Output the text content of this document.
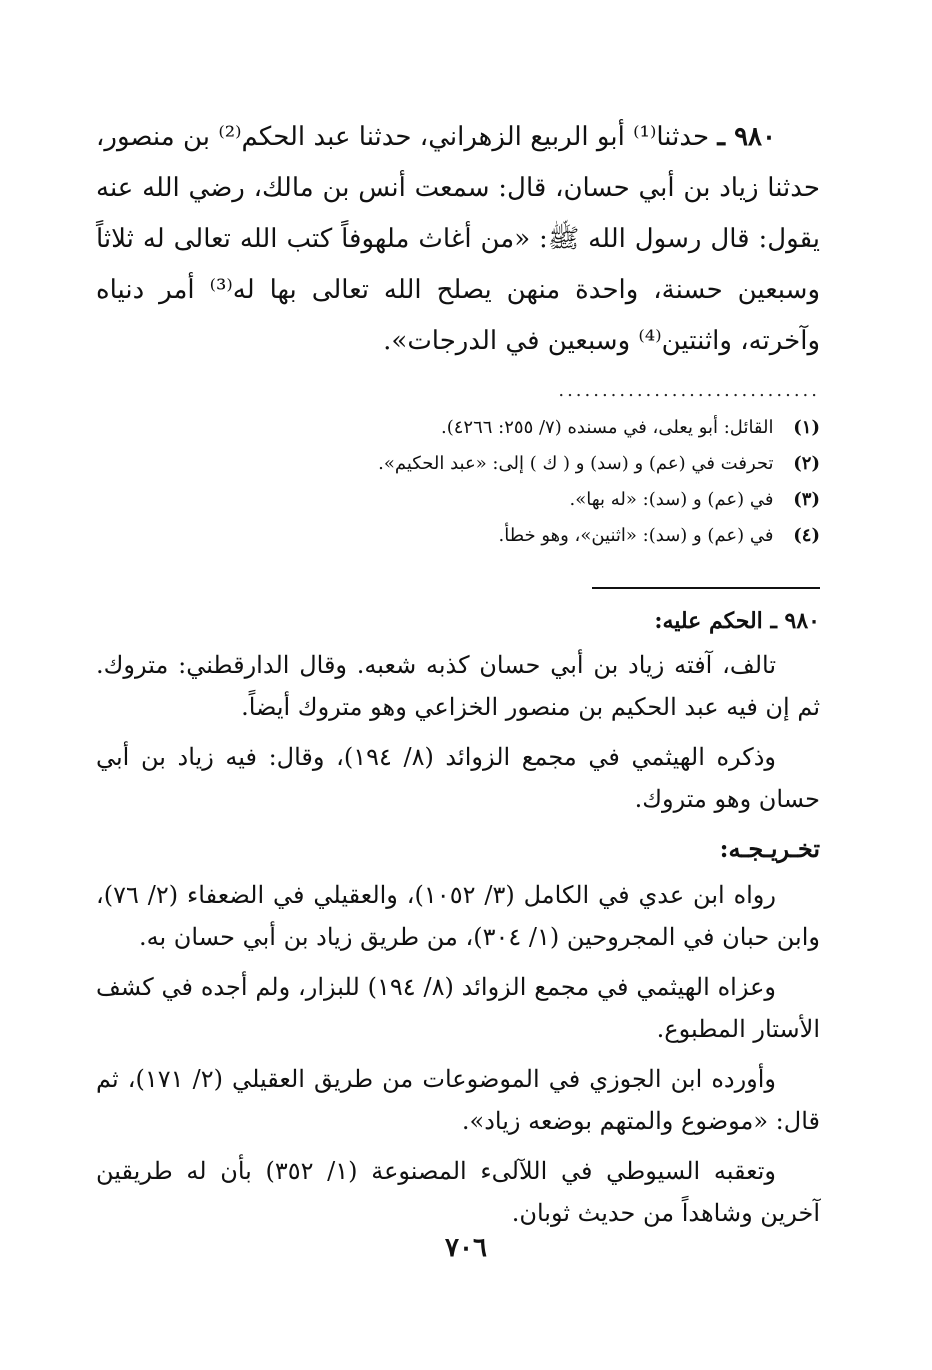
٩٨٠ ـ حدثنا⁽¹⁾ أبو الربيع الزهراني، حدثنا عبد الحكم⁽²⁾ بن منصور، حدثنا زياد بن أبي حسان، قال: سمعت أنس بن مالك، رضي الله عنه يقول: قال رسول الله ﷺ: «من أغاث ملهوفاً كتب الله تعالى له ثلاثاً وسبعين حسنة، واحدة منهن يصلح الله تعالى بها له⁽³⁾ أمر دنياه وآخرته، واثنتين⁽⁴⁾ وسبعين في الدرجات».

..............................
(١) القائل: أبو يعلى، في مسنده (٧/ ٢٥٥: ٤٢٦٦).
(٢) تحرفت في (عم) و (سد) و ( ك ) إلى: «عبد الحكيم».
(٣) في (عم) و (سد): «له بها».
(٤) في (عم) و (سد): «اثنين»، وهو خطأ.
٩٨٠ ـ الحكم عليه:

تالف، آفته زياد بن أبي حسان كذبه شعبه. وقال الدارقطني: متروك. ثم إن فيه عبد الحكيم بن منصور الخزاعي وهو متروك أيضاً.

وذكره الهيثمي في مجمع الزوائد (٨/ ١٩٤)، وقال: فيه زياد بن أبي حسان وهو متروك.

تخـريـجـه:

رواه ابن عدي في الكامل (٣/ ١٠٥٢)، والعقيلي في الضعفاء (٢/ ٧٦)، وابن حبان في المجروحين (١/ ٣٠٤)، من طريق زياد بن أبي حسان به.

وعزاه الهيثمي في مجمع الزوائد (٨/ ١٩٤) للبزار، ولم أجده في كشف الأستار المطبوع.

وأورده ابن الجوزي في الموضوعات من طريق العقيلي (٢/ ١٧١)، ثم قال: «موضوع والمتهم بوضعه زياد».

وتعقبه السيوطي في اللآلىء المصنوعة (١/ ٣٥٢) بأن له طريقين آخرين وشاهداً من حديث ثوبان.

٧٠٦
